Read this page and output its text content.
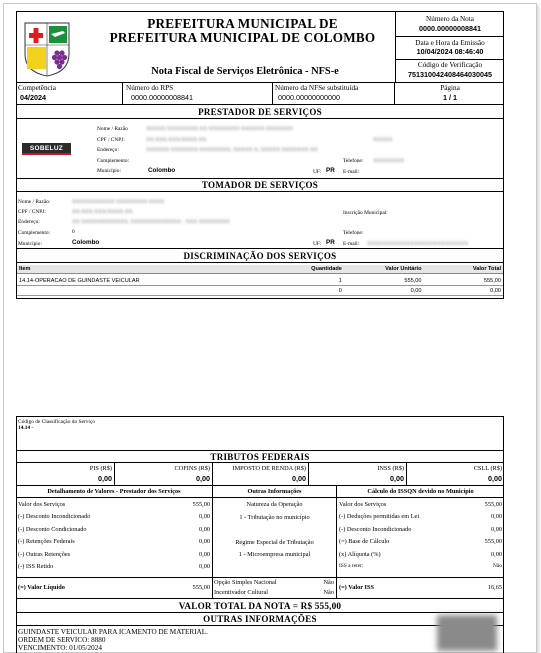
PREFEITURA MUNICIPAL DE
PREFEITURA MUNICIPAL DE COLOMBO
Nota Fiscal de Serviços Eletrônica - NFS-e
Número da Nota
0000.00000008841
Data e Hora da Emissão
10/04/2024 08:46:40
Código de Verificação
751310042408464030045
Competência
04/2024
Número do RPS
0000.00000008841
Número da NFSe substituída
0000.00000000000
Página
1 / 1
PRESTADOR DE SERVIÇOS
SOBELUZ
Nome / Razão	XXXXX XXXXXXXX XX XXXXXXXX XXXXXX XXXXXXX
CPF / CNPJ:	XX.XXX.XXX/XXXX-XX	XXXXX
Endereço:	XXXXXX XXXXXXX XXXXXXXX, XXXXX X, XXXXX XXXXXXX XX
Complemento:	Telefone: XXXXXXXX
Município:	Colombo	UF: PR E-mail:
TOMADOR DE SERVIÇOS
Nome / Razão:	XXXXXXXXXXX XXXXXXXX XXXX
CPF / CNPJ:	XX.XXX.XXX/XXXX-XX	Inscrição Municipal:
Endereço:	XX XXXXXXXXXXXX, XXXXXXXXXXXXX - XXX XXXXXXXX
Complemento:	0	Telefone:
Município:	Colombo	UF: PR E-mail: XXXXXXXXXXXXXXXXXXXXXXXXXX
DISCRIMINAÇÃO DOS SERVIÇOS
Item	Quantidade	Valor Unitário	Valor Total
14.14-OPERACAO DE GUINDASTE VEICULAR	1	555,00	555,00
	0	0,00	0,00
Código de Classificação do Serviço
14.14 -
TRIBUTOS FEDERAIS
PIS (R$)
0,00
COFINS (R$)
0,00
IMPOSTO DE RENDA (R$)
0,00
INSS (R$)
0,00
CSLL (R$)
0,00
Detalhamento de Valores - Prestador dos Serviços	Outras Informações	Cálculo do ISSQN devido no Município
Valor dos Serviços	555,00
(-) Desconto Incondicionado	0,00
(-) Desconto Condicionado	0,00
(-) Retenções Federais	0,00
(-) Outras Retenções	0,00
(-) ISS Retido	0,00
(=) Valor Líquido	555,00
Natureza da Operação
1 - Tributação no município
Regime Especial de Tributação
1 - Microempresa municipal
Opção Simples Nacional	Não
Incentivador Cultural	Não
Valor dos Serviços	555,00
(-) Deduções permitidas em Lei	0,00
(-) Desconto Incondicionado	0,00
(=) Base de Cálculo	555,00
(x) Alíquota (%)	0,00
ISS a reter:	Não
(=) Valor ISS	16,65
VALOR TOTAL DA NOTA = R$ 555,00
OUTRAS INFORMAÇÕES
GUINDASTE VEICULAR PARA ICAMENTO DE MATERIAL.
ORDEM DE SERVICO: 8880
VENCIMENTO: 01/05/2024
